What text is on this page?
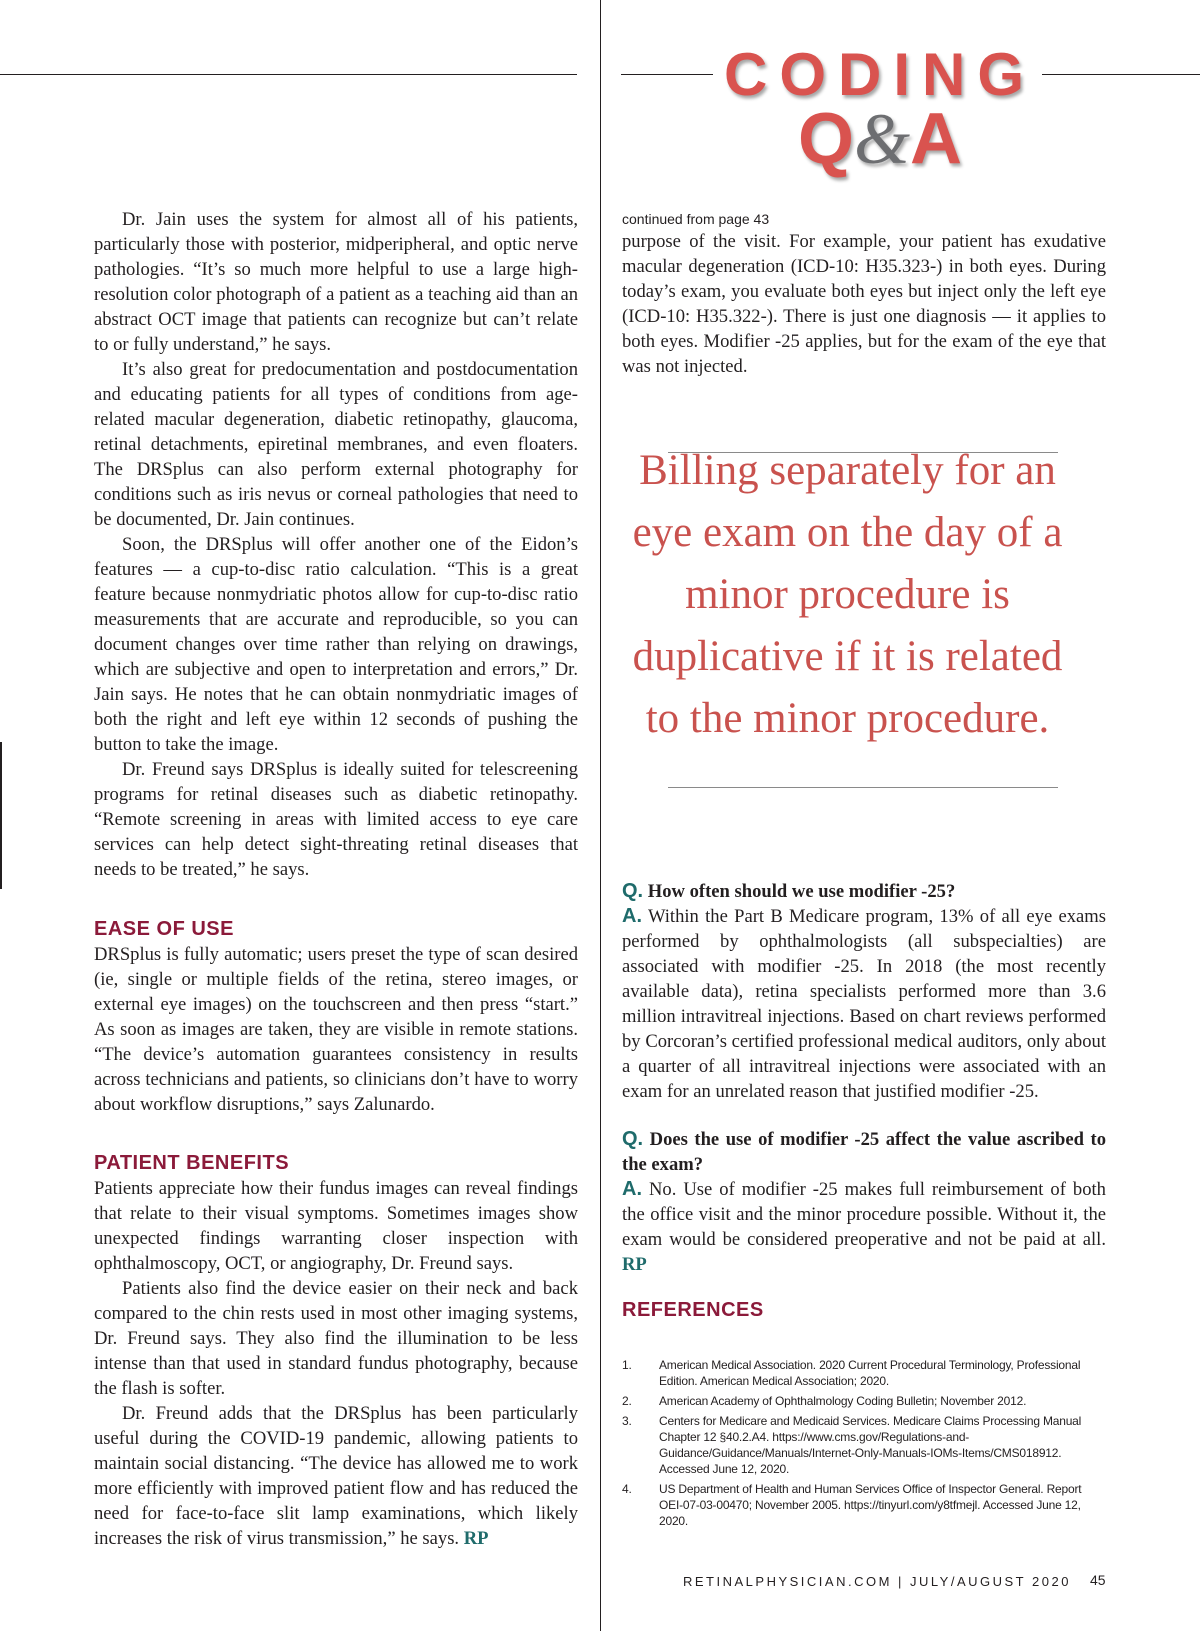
CODING
Q&A

Dr. Jain uses the system for almost all of his patients, particularly those with posterior, midperipheral, and optic nerve pathologies. “It’s so much more helpful to use a large high-resolution color photograph of a patient as a teaching aid than an abstract OCT image that patients can recognize but can’t relate to or fully understand,” he says.

It’s also great for predocumentation and postdocumentation and educating patients for all types of conditions from age-related macular degeneration, diabetic retinopathy, glaucoma, retinal detachments, epiretinal membranes, and even floaters. The DRSplus can also perform external photography for conditions such as iris nevus or corneal pathologies that need to be documented, Dr. Jain continues.

Soon, the DRSplus will offer another one of the Eidon’s features — a cup-to-disc ratio calculation. “This is a great feature because nonmydriatic photos allow for cup-to-disc ratio measurements that are accurate and reproducible, so you can document changes over time rather than relying on drawings, which are subjective and open to interpretation and errors,” Dr. Jain says. He notes that he can obtain nonmydriatic images of both the right and left eye within 12 seconds of pushing the button to take the image.

Dr. Freund says DRSplus is ideally suited for telescreening programs for retinal diseases such as diabetic retinopathy. “Remote screening in areas with limited access to eye care services can help detect sight-threating retinal diseases that needs to be treated,” he says.

EASE OF USE

DRSplus is fully automatic; users preset the type of scan desired (ie, single or multiple fields of the retina, stereo images, or external eye images) on the touchscreen and then press “start.” As soon as images are taken, they are visible in remote stations. “The device’s automation guarantees consistency in results across technicians and patients, so clinicians don’t have to worry about workflow disruptions,” says Zalunardo.

PATIENT BENEFITS

Patients appreciate how their fundus images can reveal findings that relate to their visual symptoms. Sometimes images show unexpected findings warranting closer inspection with ophthalmoscopy, OCT, or angiography, Dr. Freund says.

Patients also find the device easier on their neck and back compared to the chin rests used in most other imaging systems, Dr. Freund says. They also find the illumination to be less intense than that used in standard fundus photography, because the flash is softer.

Dr. Freund adds that the DRSplus has been particularly useful during the COVID-19 pandemic, allowing patients to maintain social distancing. “The device has allowed me to work more efficiently with improved patient flow and has reduced the need for face-to-face slit lamp examinations, which likely increases the risk of virus transmission,” he says. RP

continued from page 43

purpose of the visit. For example, your patient has exudative macular degeneration (ICD-10: H35.323-) in both eyes. During today’s exam, you evaluate both eyes but inject only the left eye (ICD-10: H35.322-). There is just one diagnosis — it applies to both eyes. Modifier -25 applies, but for the exam of the eye that was not injected.

Billing separately for an eye exam on the day of a minor procedure is duplicative if it is related to the minor procedure.

Q. How often should we use modifier -25?

A. Within the Part B Medicare program, 13% of all eye exams performed by ophthalmologists (all subspecialties) are associated with modifier -25. In 2018 (the most recently available data), retina specialists performed more than 3.6 million intravitreal injections. Based on chart reviews performed by Corcoran’s certified professional medical auditors, only about a quarter of all intravitreal injections were associated with an exam for an unrelated reason that justified modifier -25.

Q. Does the use of modifier -25 affect the value ascribed to the exam?

A. No. Use of modifier -25 makes full reimbursement of both the office visit and the minor procedure possible. Without it, the exam would be considered preoperative and not be paid at all. RP

REFERENCES
1.	American Medical Association. 2020 Current Procedural Terminology, Professional Edition. American Medical Association; 2020.
2.	American Academy of Ophthalmology Coding Bulletin; November 2012.
3.	Centers for Medicare and Medicaid Services. Medicare Claims Processing Manual Chapter 12 §40.2.A4. https://www.cms.gov/Regulations-and-Guidance/Guidance/Manuals/Internet-Only-Manuals-IOMs-Items/CMS018912. Accessed June 12, 2020.
4.	US Department of Health and Human Services Office of Inspector General. Report OEI-07-03-00470; November 2005. https://tinyurl.com/y8tfmejl. Accessed June 12, 2020.
RETINALPHYSICIAN.COM | JULY/AUGUST 2020	45
